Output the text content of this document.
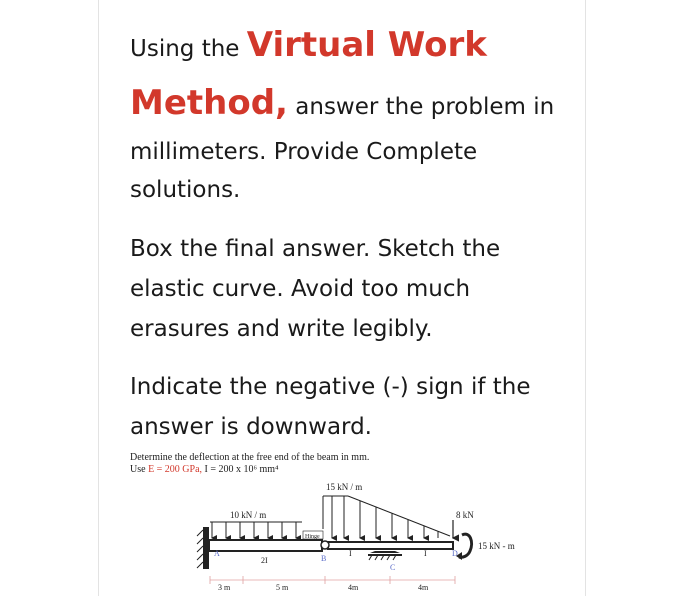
Using the Virtual Work

Method, answer the problem in

millimeters. Provide Complete

solutions.

Box the final answer. Sketch the

elastic curve. Avoid too much

erasures and write legibly.

Indicate the negative (-) sign if the

answer is downward.

Determine the deflection at the free end of the beam in mm.

Use E = 200 GPa, I = 200 x 10⁶ mm⁴

Hinge
10 kN / m
15 kN / m
8 kN
15 kN - m
A
B
C
D
2I
I	I
3 m	5 m	4m	4m
